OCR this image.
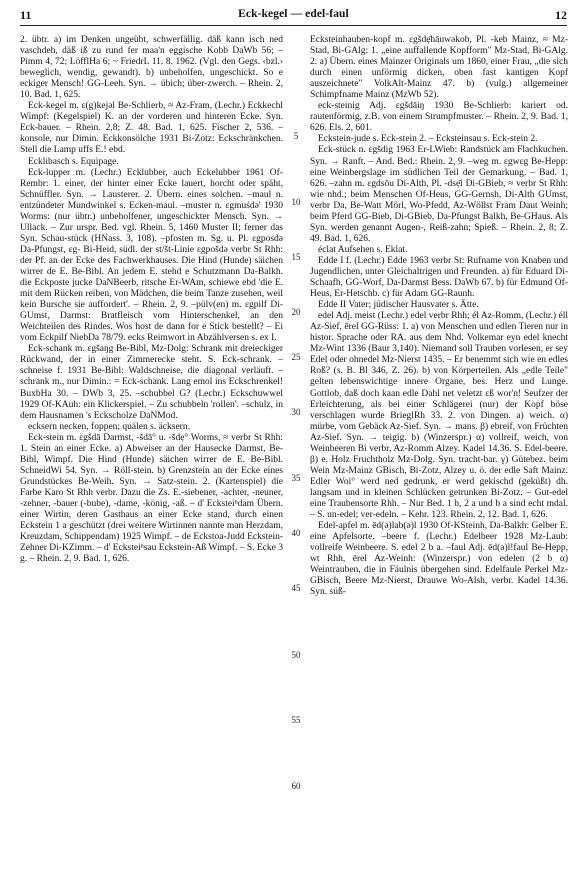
11	Eck-kegel — edel-faul	12

2. übtr. a) im Denken ungeübt, schwerfällig. däß kann isch ned vaschdeh, däß iß zu rund fer maa'n eggische Kobb DaWb 56; – Pimm 4, 72; LöfflHa 6; ~ FriedrL 11. 8. 1962. (Vgl. den Gegs. ‹bzl.› beweglich, wendig, gewandt). b) unbeholfen, ungeschickt. So e eckiger Mensch! GG-Leeh. Syn. → übich; über-zwerch. – Rhein. 2, 10. Bad. 1, 625.

Eck-kegel m. ɛ(g)kejәl Be-Schlierb, ≈ Az-Fram, (Lechr.) Eckkechl Wimpf: (Kegelspiel) K. an der vorderen und hinteren Ecke. Syn. Eck-bauer. – Rhein. 2,8; Z. 48. Bad. 1, 625. Fischer 2, 536. –konsole, nur Dimin. Eckkonsölche 1931 Bi-Zotz: Eckschränkchen. Stell die Lamp uffs E.! ebd.

Ecklibasch s. Equipage.

Eck-lupper m. (Lechr.) Ecklubber, auch Eckelubber 1961 Of-Rembr: 1. einer, der hinter einer Ecke lauert, horcht oder späht, Schnüffler. Syn. → Lausterer. 2. Übern. eines solchen. –maul n. entzündeter Mundwinkel s. Ecken-maul. –muster n. ɛgmuśdә' 1930 Worms: (nur übtr.) unbeholfener, ungeschickter Mensch. Syn. → Ullack. – Zur urspr. Bed. vgl. Rhein. 5, 1460 Muster II; ferner das Syn. Schau-stück (HNass. 3, 108). –pfosten m. Sg. u. Pl. ɛgposdә Da-Pfungst, ɛg- Bi-Heid, südl. der st/št-Linie ɛgpošdә verbr St Rhh: der Pf. an der Ecke des Fachwerkhauses. Die Hind (Hunde) säichen wirrer de E. Be-Bibl. An jedem E. stehd e Schutzmann Da-Balkh. die Eckposte jucke DaNBeerb, ritsche Er-WAm, schiewe ebd 'die E. mit dem Rücken reiben, von Mädchen, die beim Tanze zusehen, weil kein Bursche sie auffordert'. – Rhein. 2, 9. –pülv(en) m. ɛgpilf Di-GUmst, Darmst: Bratfleisch vom Hinterschenkel, an den Weichteilen des Rindes. Wos host de dann for e Stick bestellt? – Ei vom Eckpilf NiebDa 78/79. ecks Reimwort in Abzählversen s. ex I.

Eck-schank m. ɛgšaŋg Be-Bibl, Mz-Dolg: Schrank mit dreieckiger Rückwand, der in einer Zimmerecke steht. S. Eck-schrank. –schneise f. 1931 Be-Bibl: Waldschneise, die diagonal verläuft. –schrank m., nur Dimin.: = Eck-schank. Lang emol ins Eckschrenkel! BuxbHa 30. – DWb 3, 25. –schubbel G? (Lechr.) Eckschuwwel 1929 Of-KAuh: ein Klickerspiel. – Zu schubbeln 'rollen'. –schulz, in dem Hausnamen 's Eckscholze DaNMod.

ecksern necken, foppen; quälen s. äcksern.

Eck-stein m. ɛgšdā Darmst, -šdā° u. -šdẹ° Worms, ≈ verbr St Rhh: 1. Stein an einer Ecke. a) Abweiser an der Hausecke Darmst, Be-Bibl, Wimpf. Die Hind (Hunde) säichen wirrer de E. Be-Bibl. SchneidWi 54. Syn. → Röll-stein. b) Grenzstein an der Ecke eines Grundstückes Be-Weih. Syn. → Satz-stein. 2. (Kartenspiel) die Farbe Karo St Rhh verbr. Dazu die Zs. E.-siebener, -achter, -neuner, -zehner, -bauer (-bube), -dame, -könig, -aß. – d' Ecksteiⁿdam Übern. einer Wirtin, deren Gasthaus an einer Ecke stand, durch einen Eckstein 1 a geschützt (drei weitere Wirtinnen nannte man Herzdam, Kreuzdam, Schippendam) 1925 Wimpf. – de Eckstoa-Judd Eckstein-Zehner Di-KZimm. – d' Ecksteiⁿsau Eckstein-Aß Wimpf. – S. Ecke 3 g. – Rhein. 2, 9. Bad. 1, 626.

5
10
15
20
25
30
35
40
45
50
55
60

Ecksteinhauben-kopf m. ɛgšdẹ̄hāuwәkob, Pl. -keb Mainz, ≈ Mz-Stad, Bi-GAlg: 1. „eine auffallende Kopfform" Mz-Stad, Bi-GAlg. 2. a) Übern. eines Mainzer Originals um 1860, einer Frau, „die sich durch einen unförmig dicken, oben fast kantigen Kopf auszeichnete" VolkAlt-Mainz 47. b) (vulg.) allgemeiner Schimpfname Mainz (MzWb 52).

eck-steinig Adj. ɛgšdāiŋ 1930 Be-Schlierb: kariert od. rautenförmig, z.B. von einem Strumpfmuster. – Rhein. 2, 9. Bad. 1, 626. Els. 2, 601.

Eckstein-jude s. Eck-stein 2. – Ecksteinsau s. Eck-stein 2.

Eck-stück n. ɛgšdig 1963 Er-LWieb: Randstück am Flachkuchen. Syn. → Ranft. – And. Bed.: Rhein. 2, 9. –weg m. ɛgwɛg Be-Hepp: eine Weinbergslage im südlichen Teil der Gemarkung. – Bad. 1, 626. –zahn m. ɛgdsōu Di-Alth, Pl. -dsẹ̄i Di-GBieb, ≈ verbr St Rhh: wie nhd.; beim Menschen Of-Heus, GG-Gernsh, Di-Alth GUmst, verbr Da, Be-Watt Mörl, Wo-Pfedd, Az-Wöllst Fram Daut Weinh; beim Pferd GG-Bieb, Di-GBieb, Da-Pfungst Balkh, Be-GHaus. Als Syn. werden genannt Augen-, Reiß-zahn; Spieß. – Rhein. 2, 8; Z. 49. Bad. 1, 626.

éclat Aufsehen s. Eklat.

Edde I f. (Lechr.) Edde 1963 verbr St: Rufname von Knaben und Jugendlichen, unter Gleichaltrigen und Freunden. a) für Eduard Di-Schaafh, GG-Worf, Da-Darmst Bess. DaWb 67. b) für Edmund Of-Heus, Er-Hetschb. c) für Adam GG-Raunh.

Edde II Vater; jüdischer Hausvater s. Ätte.

edel Adj. meist (Lechr.) edel verbr Rhh; él Az-Romm, (Lechr.) éll Az-Sief, ērel GG-Rüss: 1. a) von Menschen und edlen Tieren nur in histor. Sprache oder RA. aus dem Nhd. Volkemar eyn edel knecht Mz-Wint 1336 (Baur 3,140). Niemand soll Trauben vorlesen, er sey Edel oder ohnedel Mz-Nierst 1435. – Er benemmt sich wie en edles Roß? (s. B. Bl 346, Z. 26). b) von Körperteilen. Als „edle Teile" gelten lebenswichtige innere Organe, bes. Herz und Lunge. Gottlob, daß doch kaan edle Dahl net veletzt ɛß wor'n! Seufzer der Erleichterung, als bei einer Schlägerei (nur) der Kopf böse verschlagen wurde BrieglRh 33. 2. von Dingen. a) weich. α) mürbe, vom Gebäck Az-Sief. Syn. → mans. β) ebreif, von Früchten Az-Sief. Syn. → teigig. b) (Winzerspr.) α) vollreif, weich, von Weinbeeren Bi verbr, Az-Romm Alzey. Kadel 14.36. S. Edel-beere. β) e. Holz Fruchtholz Mz-Dolg. Syn. tracht-bar. γ) Gütebez. beim Wein Mz-Mainz GBisch, Bi-Zotz, Alzey u. ö. der edle Saft Mainz. Edler Woi° werd ned gedrunk, er werd gekischd (geküßt) dh. langsam und in kleinen Schlücken getrunken Bi-Zotz. – Gut-edel eine Traubensorte Rhh. – Nur Bed. 1 b, 2 a und b a sind echt mdal. – S. un-edel; ver-edeln. – Kehr. 123. Rhein. 2, 12. Bad. 1, 626.

Edel-apfel m. ēd(ә)lab(ә)l 1930 Of-KSteinh, Da-Balkh: Gelber E. eine Apfelsorte. –beere f. (Lechr.) Edelbeer 1928 Mz-Laub: vollreife Weinbeere. S. edel 2 b a. –faul Adj. ēd(ә)l!faul Be-Hepp, wt Rhh, ērel Az-Weinh: (Winzerspr.) von edelen (2 b α) Weintrauben, die in Fäulnis übergehen sind. Edelfaule Perkel Mz-GBisch, Beere Mz-Nierst, Drauwe Wo-Alsh, verbr. Kadel 14.36. Syn. süß-
